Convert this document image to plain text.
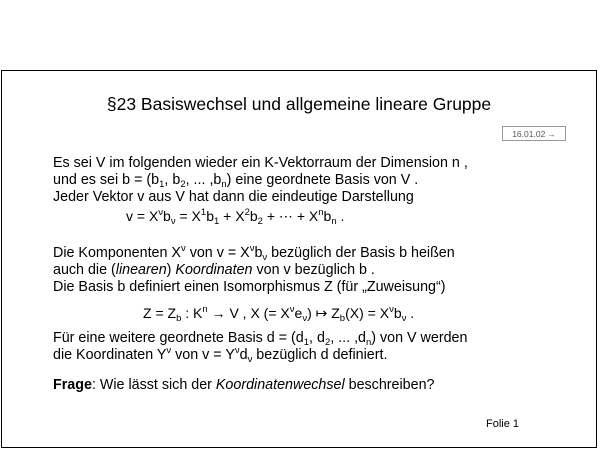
§23 Basiswechsel und allgemeine lineare Gruppe
16.01.02 →
Es sei V im folgenden wieder ein K-Vektorraum der Dimension n ,
und es sei $b = (b_1$, $b_2$, ... $,b_n$) eine geordnete Basis von V .
Jeder Vektor v aus V hat dann die eindeutige Darstellung
$v = X^\nu b_\nu = X^1b_1 + X^2b_2$ + ⋯ + $X^nb_n$ .
Die Komponenten $X^\nu$ von $v = X^\nu b_\nu$ bezüglich der Basis b heißen
auch die (linearen) Koordinaten von v bezüglich b .
Die Basis b definiert einen Isomorphismus Z (für „Zuweisung“)
$Z = Z_b$ : $K^n \to V$ , X (= $X^\nu e_\nu$) ↦ $Z_b(X) = X^\nu b_\nu$ .
Für eine weitere geordnete Basis $d = (d_1$, $d_2$, ... $,d_n$) von V werden
die Koordinaten $Y^\nu$ von $v = Y^\nu d_\nu$ bezüglich d definiert.
Frage: Wie lässt sich der Koordinatenwechsel beschreiben?
Folie 1
